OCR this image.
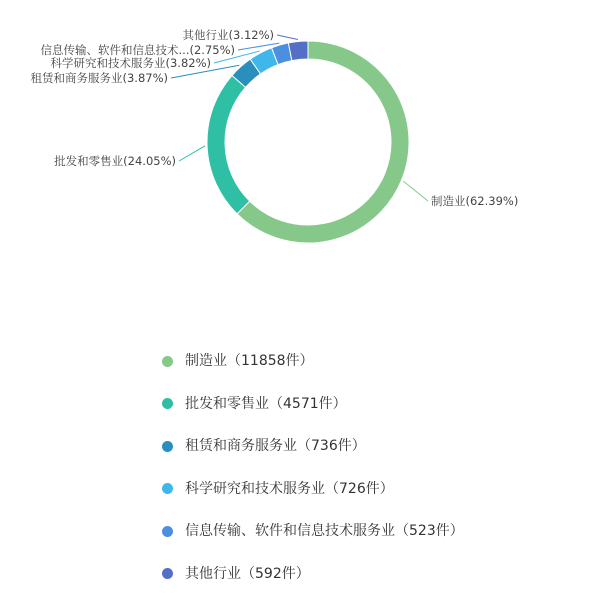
制造业(62.39%)
批发和零售业(24.05%)
租赁和商务服务业(3.87%)
科学研究和技术服务业(3.82%)
信息传输、软件和信息技术...(2.75%)
其他行业(3.12%)
制造业（11858件）
批发和零售业（4571件）
租赁和商务服务业（736件）
科学研究和技术服务业（726件）
信息传输、软件和信息技术服务业（523件）
其他行业（592件）
